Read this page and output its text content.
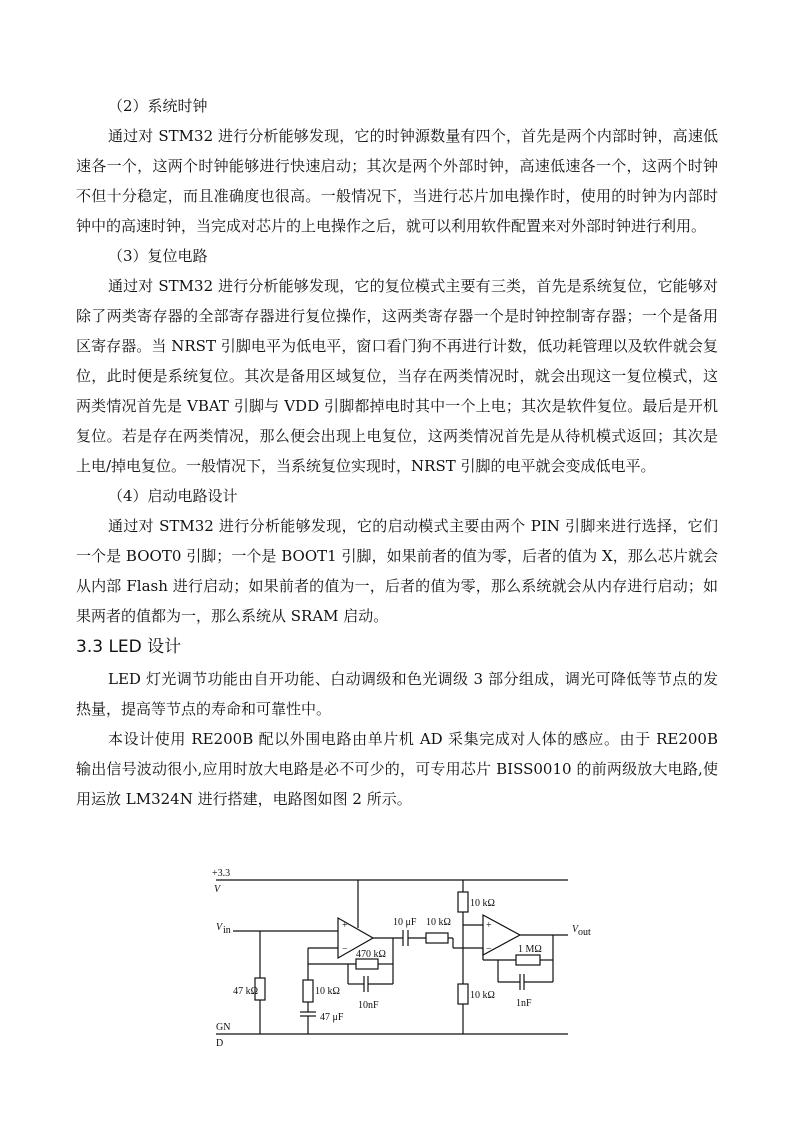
（2）系统时钟

通过对 STM32 进行分析能够发现，它的时钟源数量有四个，首先是两个内部时钟，高速低速各一个，这两个时钟能够进行快速启动；其次是两个外部时钟，高速低速各一个，这两个时钟不但十分稳定，而且准确度也很高。一般情况下，当进行芯片加电操作时，使用的时钟为内部时钟中的高速时钟，当完成对芯片的上电操作之后，就可以利用软件配置来对外部时钟进行利用。

（3）复位电路

通过对 STM32 进行分析能够发现，它的复位模式主要有三类，首先是系统复位，它能够对除了两类寄存器的全部寄存器进行复位操作，这两类寄存器一个是时钟控制寄存器；一个是备用区寄存器。当 NRST 引脚电平为低电平，窗口看门狗不再进行计数，低功耗管理以及软件就会复位，此时便是系统复位。其次是备用区域复位，当存在两类情况时，就会出现这一复位模式，这两类情况首先是 VBAT 引脚与 VDD 引脚都掉电时其中一个上电；其次是软件复位。最后是开机复位。若是存在两类情况，那么便会出现上电复位，这两类情况首先是从待机模式返回；其次是上电/掉电复位。一般情况下，当系统复位实现时，NRST 引脚的电平就会变成低电平。

（4）启动电路设计

通过对 STM32 进行分析能够发现，它的启动模式主要由两个 PIN 引脚来进行选择，它们一个是 BOOT0 引脚；一个是 BOOT1 引脚，如果前者的值为零，后者的值为 X，那么芯片就会从内部 Flash 进行启动；如果前者的值为一，后者的值为零，那么系统就会从内存进行启动；如果两者的值都为一，那么系统从 SRAM 启动。

3.3 LED 设计

LED 灯光调节功能由自开功能、白动调级和色光调级 3 部分组成，调光可降低等节点的发热量，提高等节点的寿命和可靠性中。

本设计使用 RE200B 配以外围电路由单片机 AD 采集完成对人体的感应。由于 RE200B 输出信号波动很小,应用时放大电路是必不可少的，可专用芯片 BISS0010 的前两级放大电路,使用运放 LM324N 进行搭建，电路图如图 2 所示。

+3.3
V
V in	V out
GN
D
+
−
+
−
470 kΩ
47 kΩ	10 kΩ
47 μF
10nF
10 μF 10 kΩ
10 kΩ
10 kΩ
1 MΩ
1nF
